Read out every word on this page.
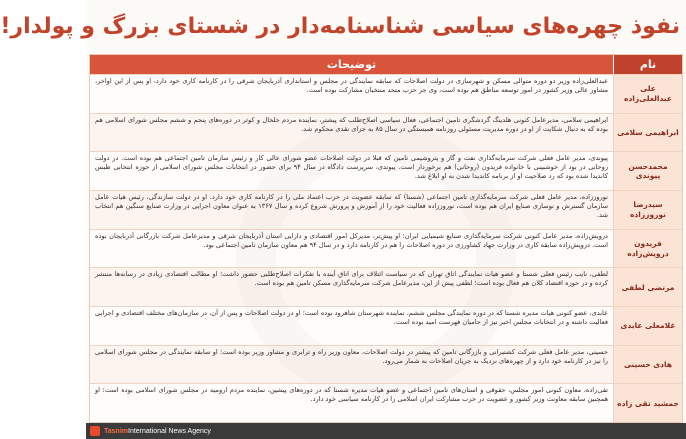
نفوذ چهره‌های سیاسی شناسنامه‌دار در شستای بزرگ و پولدار!
نام
توضیحات
علی عبدالعلی‌زاده
عبدالعلی‌زاده وزیر دو دوره متوالی مسکن و شهرسازی در دولت اصلاحات که سابقه نمایندگی در مجلس و استانداری آذربایجان شرقی را در کارنامه کاری خود دارد، او پس از این اواخر، مشاور عالی وزیر کشور در امور توسعه مناطق هم بوده است، وی جز حزب متحد منتخبان مشارکت بوده است.
ابراهیمی سلامی
ابراهیمی سلامی، مدیرعامل کنونی هلدینگ گردشگری تامین اجتماعی، فعال سیاسی اصلاح‌طلب که پیشتر، نماینده مردم خلخال و کوثر در دوره‌های پنجم و ششم مجلس شورای اسلامی هم بوده که به دنبال شکایت از او در دوره مدیریت مسئولی روزنامه همبستگی در سال ۸۵ به جزای نقدی محکوم شد.
محمدحسن پیوندی
پیوندی، مدیر عامل فعلی شرکت سرمایه‌گذاری نفت و گاز و پتروشیمی تامین که قبلا در دولت اصلاحات عضو شورای عالی کار و رئیس سازمان تامین اجتماعی هم بوده است. در دولت روحانی در بود از خوشبینی با خانواده فریدون (روحانی) هم برخوردار است. پیوندی، سرپرست دادگاه در سال ۹۴ برای حضور در انتخابات مجلس شورای اسلامی از حوزه انتخابی طبس کاندیدا شده بود که رد صلاحیت او از برنامه کاندیدا شدن به او ابلاغ شد.
سیدرضا نوروززاده
نوروززاده، مدیر عامل فعلی شرکت سرمایه‌گذاری تامین اجتماعی (شستا) که سابقه عضویت در حزب اعتماد ملی را در کارنامه کاری خود دارد. او در دولت سازندگی، رئیس هیات عامل سازمان گسترش و نوسازی صنایع ایران هم بوده است، نوروززاده فعالیت خود را از آموزش و پرورش شروع کرده و سال ۱۳۶۷ به عنوان معاون اجرایی در وزارت صنایع سنگین هم انتخاب شد.
فریدون درویش‌زاده
درویش‌زاده، مدیر عامل کنونی شرکت سرمایه‌گذاری صنایع شیمیایی ایران؛ او پیش‌تر، مدیرکل امور اقتصادی و دارایی استان آذربایجان شرقی و مدیرعامل شرکت بازرگانی آذربایجان بوده است. درویش‌زاده سابقه کاری در وزارت جهاد کشاورزی در دوره اصلاحات را هم در کارنامه دارد و در سال ۹۴ هم معاون سازمان تامین اجتماعی بود.
مرتضی لطفی
لطفی، نایب رئیس فعلی شستا و عضو هیات نمایندگی اتاق تهران که در سیاست ائتلاف برای اتاق آینده با تفکرات اصلاح‌طلبی حضور داشت؛ او مطالب اقتصادی زیادی در رسانه‌ها منتشر کرده و در حوزه اقتصاد کلان هم فعال بوده است؛ لطفی پیش از این، مدیرعامل شرکت سرمایه‌گذاری مسکن تامین هم بوده است.
غلامعلی عابدی
عابدی، عضو کنونی هیات مدیره شستا که در دوره نمایندگی مجلس ششم، نماینده شهرستان شاهرود بوده است؛ او در دولت اصلاحات و پس از آن، در سازمان‌های مختلف اقتصادی و اجرایی فعالیت داشته و در انتخابات مجلس اخیر نیز از حامیان فهرست امید بوده است.
هادی حسینی
حسینی، مدیر عامل فعلی شرکت کشتیرانی و بازرگانی تامین که پیشتر در دولت اصلاحات، معاون وزیر راه و ترابری و مشاور وزیر بوده است؛ او سابقه نمایندگی در مجلس شورای اسلامی را نیز در کارنامه خود دارد و از چهره‌های نزدیک به جریان اصلاحات به شمار می‌رود.
جمشید تقی زاده
تقی‌زاده، معاون کنونی امور مجلس، حقوقی و استان‌های تامین اجتماعی و عضو هیات مدیره شستا که در دوره‌های پیشین، نماینده مردم ارومیه در مجلس شورای اسلامی بوده است؛ او همچنین سابقه معاونت وزیر کشور و عضویت در حزب مشارکت ایران اسلامی را در کارنامه سیاسی خود دارد.
TasnimInternational News Agency
